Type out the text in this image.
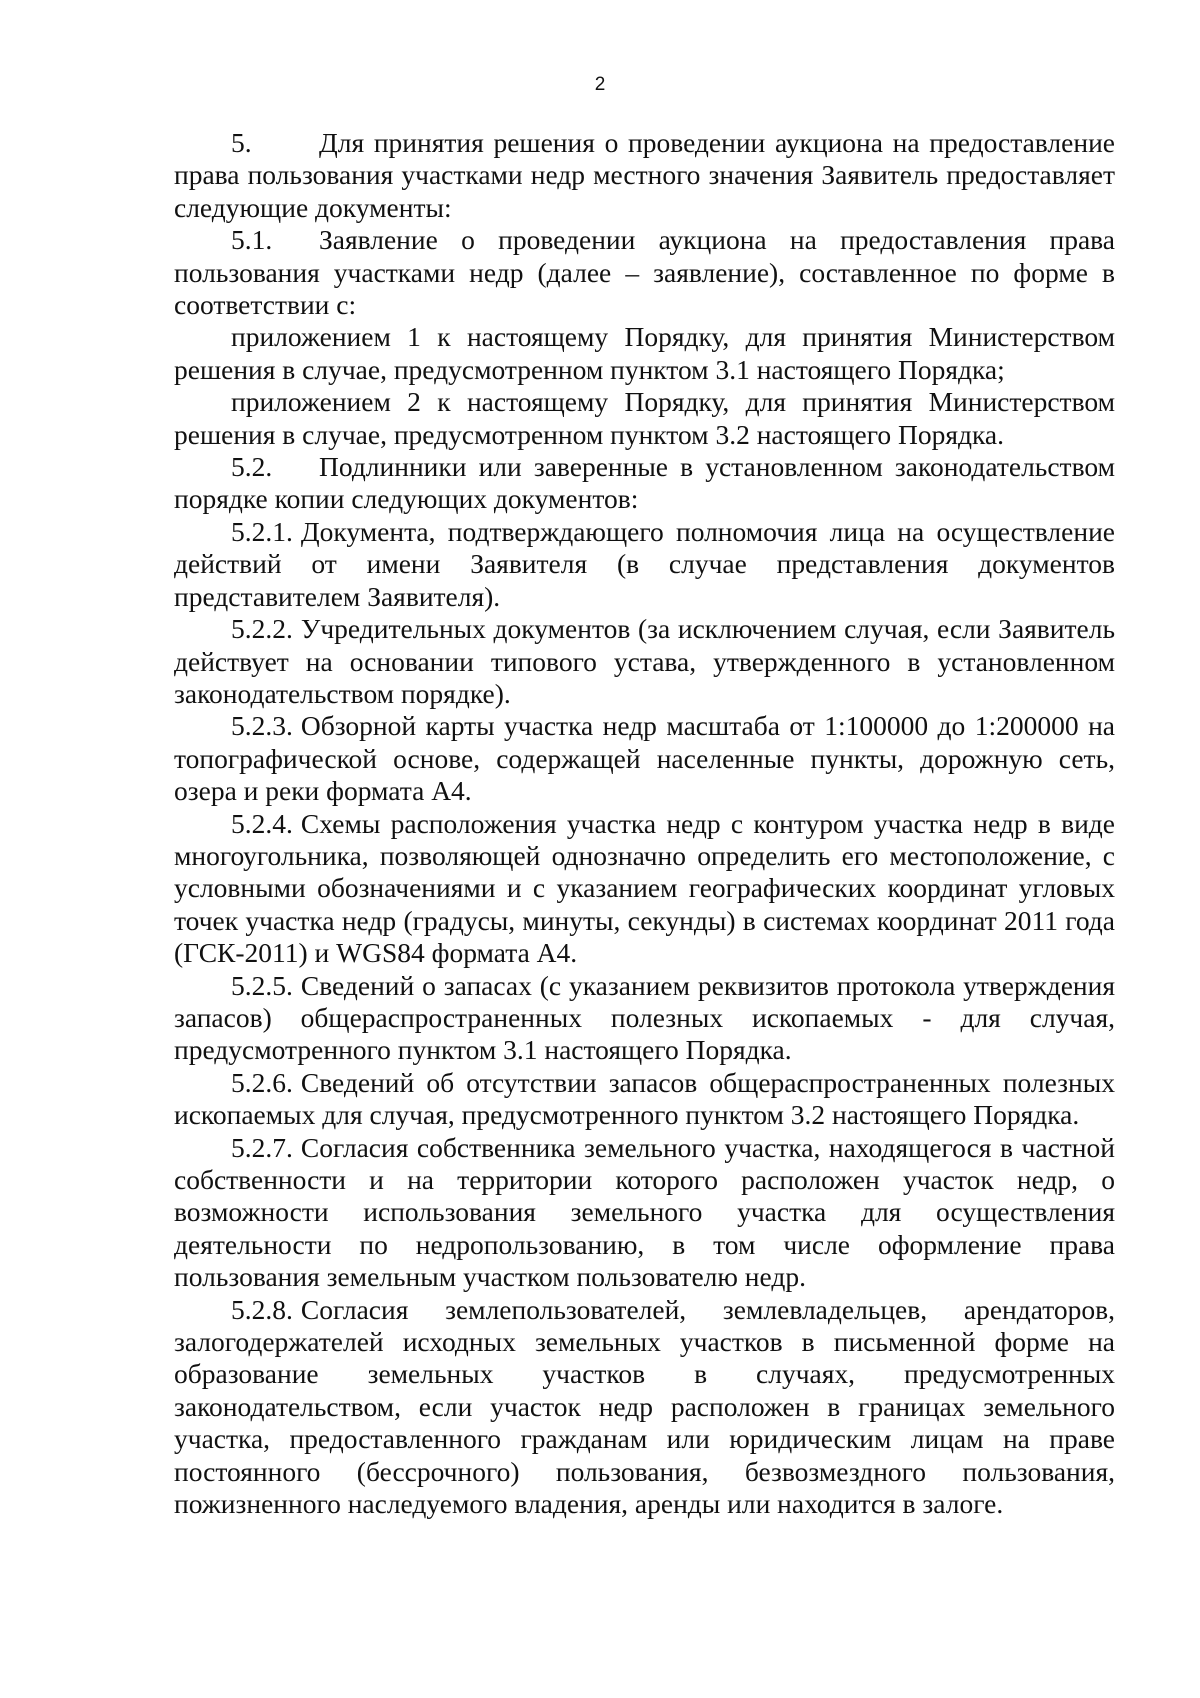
2

5. Для принятия решения о проведении аукциона на предоставление права пользования участками недр местного значения Заявитель предоставляет следующие документы:

5.1. Заявление о проведении аукциона на предоставления права пользования участками недр (далее – заявление), составленное по форме в соответствии с:

приложением 1 к настоящему Порядку, для принятия Министерством решения в случае, предусмотренном пунктом 3.1 настоящего Порядка;

приложением 2 к настоящему Порядку, для принятия Министерством решения в случае, предусмотренном пунктом 3.2 настоящего Порядка.

5.2. Подлинники или заверенные в установленном законодательством порядке копии следующих документов:

5.2.1. Документа, подтверждающего полномочия лица на осуществление действий от имени Заявителя (в случае представления документов представителем Заявителя).

5.2.2. Учредительных документов (за исключением случая, если Заявитель действует на основании типового устава, утвержденного в установленном законодательством порядке).

5.2.3. Обзорной карты участка недр масштаба от 1:100000 до 1:200000 на топографической основе, содержащей населенные пункты, дорожную сеть, озера и реки формата А4.

5.2.4. Схемы расположения участка недр с контуром участка недр в виде многоугольника, позволяющей однозначно определить его местоположение, с условными обозначениями и с указанием географических координат угловых точек участка недр (градусы, минуты, секунды) в системах координат 2011 года (ГСК-2011) и WGS84 формата А4.

5.2.5. Сведений о запасах (с указанием реквизитов протокола утверждения запасов) общераспространенных полезных ископаемых - для случая, предусмотренного пунктом 3.1 настоящего Порядка.

5.2.6. Сведений об отсутствии запасов общераспространенных полезных ископаемых для случая, предусмотренного пунктом 3.2 настоящего Порядка.

5.2.7. Согласия собственника земельного участка, находящегося в частной собственности и на территории которого расположен участок недр, о возможности использования земельного участка для осуществления деятельности по недропользованию, в том числе оформление права пользования земельным участком пользователю недр.

5.2.8. Согласия землепользователей, землевладельцев, арендаторов, залогодержателей исходных земельных участков в письменной форме на образование земельных участков в случаях, предусмотренных законодательством, если участок недр расположен в границах земельного участка, предоставленного гражданам или юридическим лицам на праве постоянного (бессрочного) пользования, безвозмездного пользования, пожизненного наследуемого владения, аренды или находится в залоге.
